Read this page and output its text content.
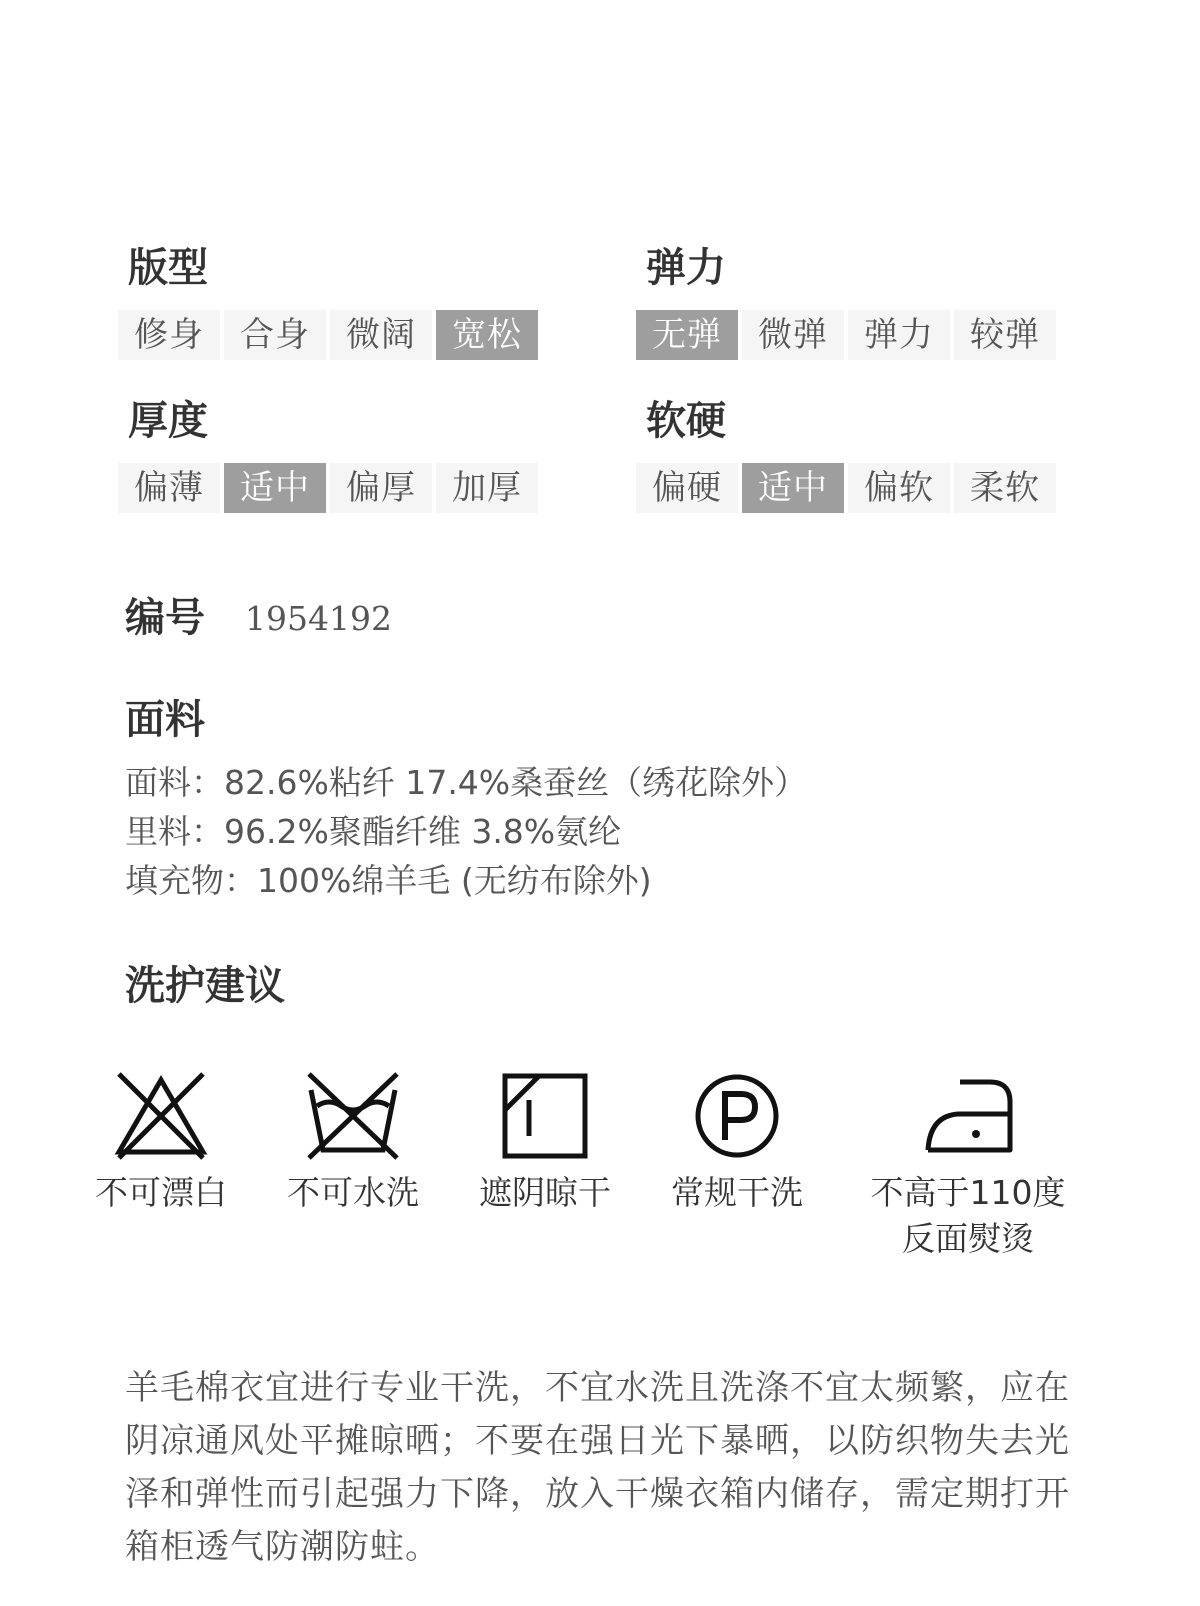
版型
修身	合身	微阔	宽松
弹力
无弹	微弹	弹力	较弹
厚度
偏薄	适中	偏厚	加厚
软硬
偏硬	适中	偏软	柔软
编号 1954192
面料
面料：82.6%粘纤 17.4%桑蚕丝（绣花除外）
里料：96.2%聚酯纤维 3.8%氨纶
填充物：100%绵羊毛 (无纺布除外)
洗护建议
不可漂白 不可水洗 遮阴晾干 常规干洗 不高于110度
反面熨烫
羊毛棉衣宜进行专业干洗，不宜水洗且洗涤不宜太频繁，应在阴凉通风处平摊晾晒；不要在强日光下暴晒，以防织物失去光泽和弹性而引起强力下降，放入干燥衣箱内储存，需定期打开箱柜透气防潮防蛀。
